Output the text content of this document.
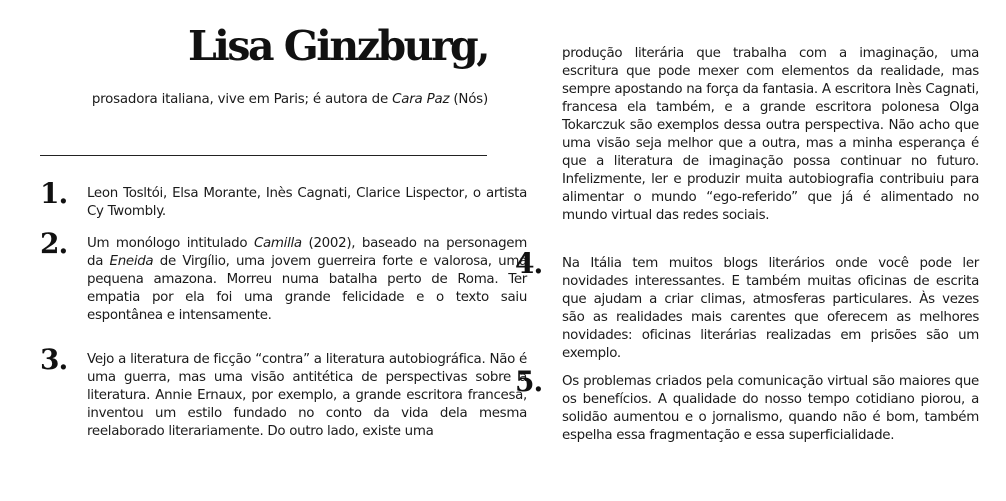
Lisa Ginzburg,

prosadora italiana, vive em Paris; é autora de Cara Paz (Nós)

1. Leon Tosltói, Elsa Morante, Inès Cagnati, Clarice Lispector, o artista Cy Twombly.

2. Um monólogo intitulado Camilla (2002), baseado na personagem da Eneida de Virgílio, uma jovem guerreira forte e valorosa, uma pequena amazona. Morreu numa batalha perto de Roma. Ter empatia por ela foi uma grande felicidade e o texto saiu espontânea e intensamente.

3. Vejo a literatura de ficção “contra” a literatura autobiográfica. Não é uma guerra, mas uma visão antitética de perspectivas sobre a literatura. Annie Ernaux, por exemplo, a grande escritora francesa, inventou um estilo fundado no conto da vida dela mesma reelaborado literariamente. Do outro lado, existe uma

produção literária que trabalha com a imaginação, uma escritura que pode mexer com elementos da realidade, mas sempre apostando na força da fantasia. A escritora Inès Cagnati, francesa ela também, e a grande escritora polonesa Olga Tokarczuk são exemplos dessa outra perspectiva. Não acho que uma visão seja melhor que a outra, mas a minha esperança é que a literatura de imaginação possa continuar no futuro. Infelizmente, ler e produzir muita autobiografia contribuiu para alimentar o mundo “ego-referido” que já é alimentado no mundo virtual das redes sociais.

4. Na Itália tem muitos blogs literários onde você pode ler novidades interessantes. E também muitas oficinas de escrita que ajudam a criar climas, atmosferas particulares. Às vezes são as realidades mais carentes que oferecem as melhores novidades: oficinas literárias realizadas em prisões são um exemplo.

5. Os problemas criados pela comunicação virtual são maiores que os benefícios. A qualidade do nosso tempo cotidiano piorou, a solidão aumentou e o jornalismo, quando não é bom, também espelha essa fragmentação e essa superficialidade.
